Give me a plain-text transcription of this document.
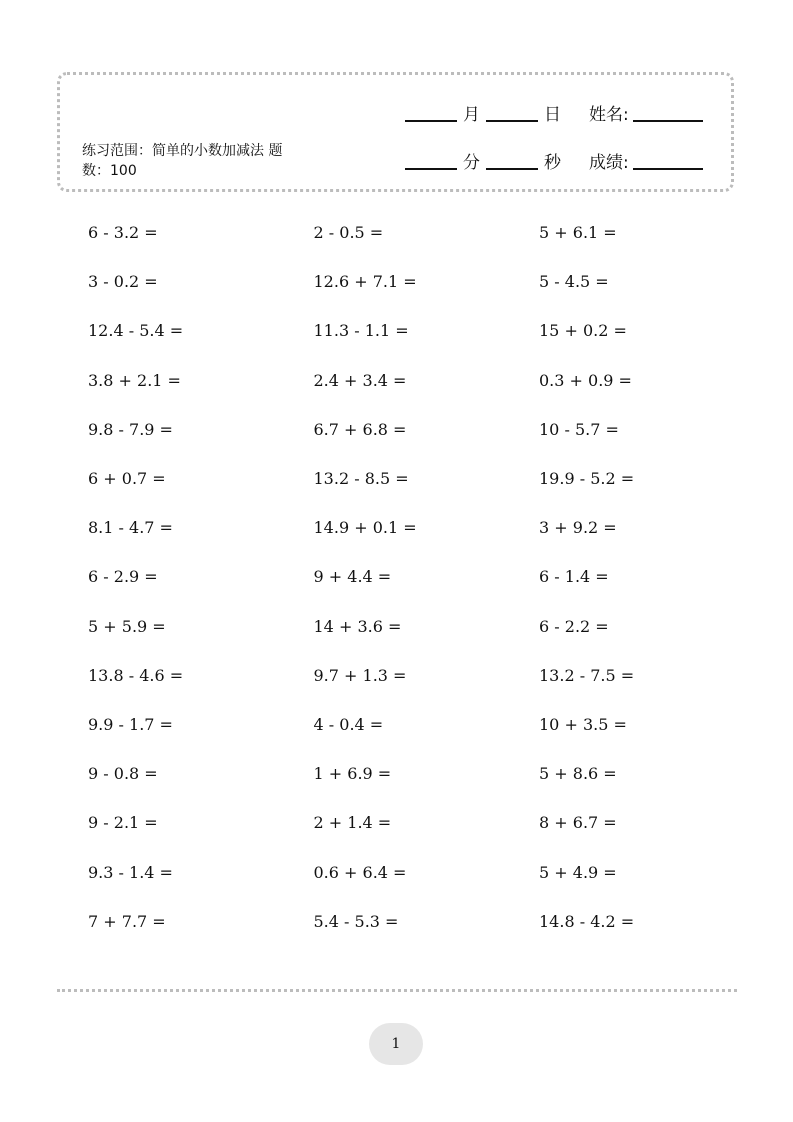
月	日 姓名:
分	秒 成绩:
练习范围：简单的小数加减法 题数：100
6 - 3.2 =	2 - 0.5 =	5 + 6.1 =
3 - 0.2 =	12.6 + 7.1 =	5 - 4.5 =
12.4 - 5.4 =	11.3 - 1.1 =	15 + 0.2 =
3.8 + 2.1 =	2.4 + 3.4 =	0.3 + 0.9 =
9.8 - 7.9 =	6.7 + 6.8 =	10 - 5.7 =
6 + 0.7 =	13.2 - 8.5 =	19.9 - 5.2 =
8.1 - 4.7 =	14.9 + 0.1 =	3 + 9.2 =
6 - 2.9 =	9 + 4.4 =	6 - 1.4 =
5 + 5.9 =	14 + 3.6 =	6 - 2.2 =
13.8 - 4.6 =	9.7 + 1.3 =	13.2 - 7.5 =
9.9 - 1.7 =	4 - 0.4 =	10 + 3.5 =
9 - 0.8 =	1 + 6.9 =	5 + 8.6 =
9 - 2.1 =	2 + 1.4 =	8 + 6.7 =
9.3 - 1.4 =	0.6 + 6.4 =	5 + 4.9 =
7 + 7.7 =	5.4 - 5.3 =	14.8 - 4.2 =
1
